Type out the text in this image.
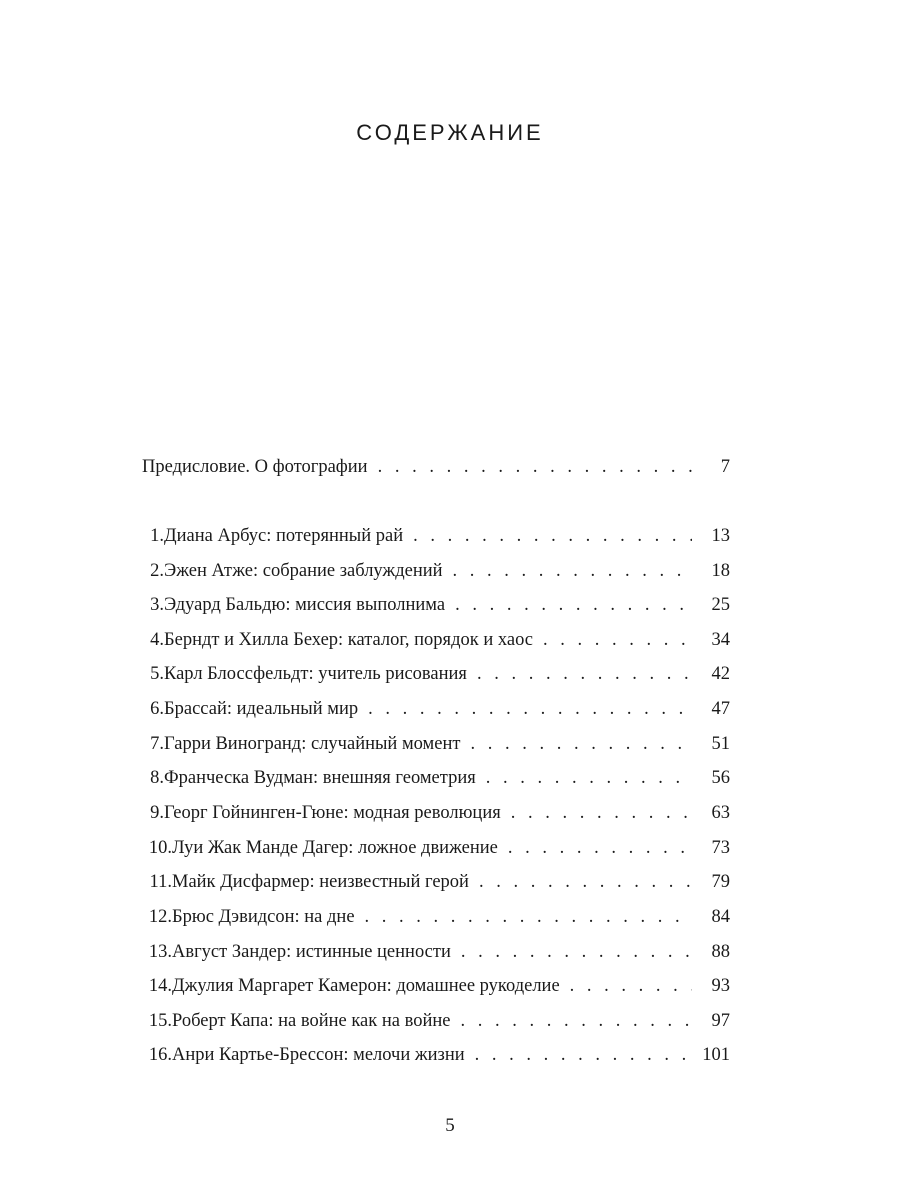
СОДЕРЖАНИЕ
Предисловие. О фотографии . . .	7
1. Диана Арбус: потерянный рай . . .	13
2. Эжен Атже: собрание заблуждений . . .	18
3. Эдуард Бальдю: миссия выполнима . . .	25
4. Берндт и Хилла Бехер: каталог, порядок и хаос . . .	34
5. Карл Блоссфельдт: учитель рисования . . .	42
6. Брассай: идеальный мир . . .	47
7. Гарри Виногранд: случайный момент . . .	51
8. Франческа Вудман: внешняя геометрия . . .	56
9. Георг Гойнинген-Гюне: модная революция . . .	63
10. Луи Жак Манде Дагер: ложное движение . . .	73
11. Майк Дисфармер: неизвестный герой . . .	79
12. Брюс Дэвидсон: на дне . . .	84
13. Август Зандер: истинные ценности . . .	88
14. Джулия Маргарет Камерон: домашнее рукоделие . . .	93
15. Роберт Капа: на войне как на войне . . .	97
16. Анри Картье-Брессон: мелочи жизни . . .	101
5
